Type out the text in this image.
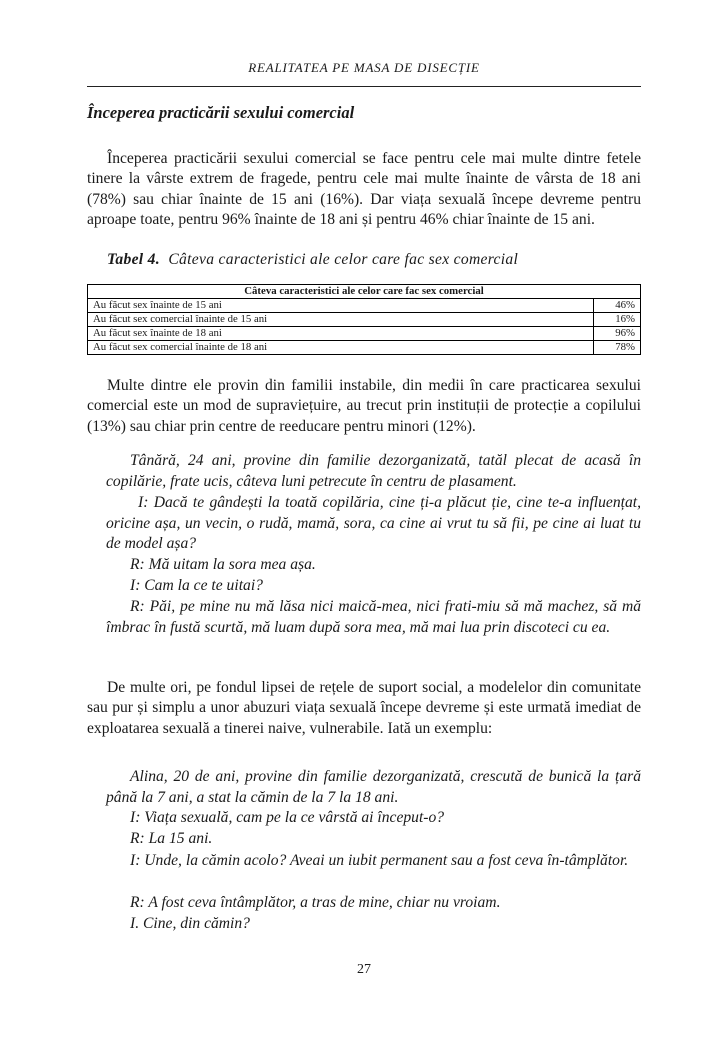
REALITATEA PE MASA DE DISECȚIE
Începerea practicării sexului comercial

Începerea practicării sexului comercial se face pentru cele mai multe dintre fetele tinere la vârste extrem de fragede, pentru cele mai multe înainte de vârsta de 18 ani (78%) sau chiar înainte de 15 ani (16%). Dar viața sexuală începe devreme pentru aproape toate, pentru 96% înainte de 18 ani și pentru 46% chiar înainte de 15 ani.

Tabel 4. Câteva caracteristici ale celor care fac sex comercial
Câteva caracteristici ale celor care fac sex comercial	
Au făcut sex înainte de 15 ani	46%
Au făcut sex comercial înainte de 15 ani	16%
Au făcut sex înainte de 18 ani	96%
Au făcut sex comercial înainte de 18 ani	78%

Multe dintre ele provin din familii instabile, din medii în care practicarea sexului comercial este un mod de supraviețuire, au trecut prin instituții de protecție a copilului (13%) sau chiar prin centre de reeducare pentru minori (12%).

Tânără, 24 ani, provine din familie dezorganizată, tatăl plecat de acasă în copilărie, frate ucis, câteva luni petrecute în centru de plasament.

I: Dacă te gândești la toată copilăria, cine ți-a plăcut ție, cine te-a influențat, oricine așa, un vecin, o rudă, mamă, sora, ca cine ai vrut tu să fii, pe cine ai luat tu de model așa?

R: Mă uitam la sora mea așa.

I: Cam la ce te uitai?

R: Păi, pe mine nu mă lăsa nici maică-mea, nici frati-miu să mă machez, să mă îmbrac în fustă scurtă, mă luam după sora mea, mă mai lua prin discoteci cu ea.

De multe ori, pe fondul lipsei de rețele de suport social, a modelelor din comunitate sau pur și simplu a unor abuzuri viața sexuală începe devreme și este urmată imediat de exploatarea sexuală a tinerei naive, vulnerabile. Iată un exemplu:

Alina, 20 de ani, provine din familie dezorganizată, crescută de bunică la țară până la 7 ani, a stat la cămin de la 7 la 18 ani.

I: Viața sexuală, cam pe la ce vârstă ai început-o?

R: La 15 ani.

I: Unde, la cămin acolo? Aveai un iubit permanent sau a fost ceva în-tâmplător.

R: A fost ceva întâmplător, a tras de mine, chiar nu vroiam.

I. Cine, din cămin?

27
